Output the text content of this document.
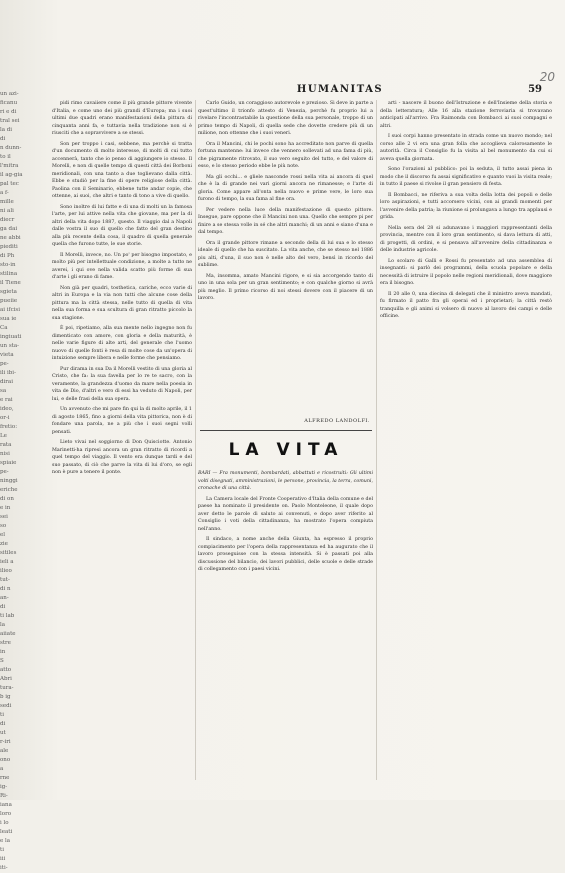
un azi-
ficanu
ri e di
tral sei
la di
di
n dunn-
to il
l'mitra
il ag-gia
pal tec
a f-
mille
ni ali
diecr
ga dai
ne abbi
piediti
di Ph
sto-in
stilina
il Tiene
sgieta
pueiie
ai ifcisi
sua ie
Ca
ingiuati
un sta-
vieta
pe-
ili ibi-
dirai
sa
e rai
ideo,
or-i
fretio:
Le
rata
nisi
spiaie
pe-
ninggi
eriche
di on
e in
sei
so
el
zie
sitiles
ieli a
ilieo
tut-
di n
an-
di
ti lab
la
aiiate
stre
in
S
atto
Abri
tura-
b ig
sedi
ti
di
ut
r-iri
ale
ono
a
rne
ig-
Ri-
iana
loro
i lo
leati
e la
ti
iii
iti-
HUMANITAS	59
20

pidi rimo cavaiiere come il più grande pittore vivente d'Italia, e come uno dei più grandi d'Europa; ma i suoi ultimi due quadri erano manifestazioni della pittura di cinquanta anni fa, e tuttavia nella tradizione non si è riusciti che a sopravvivere a se stessi.

Son per troppo i casi, sebbene, ma perchè si tratta d'un documento di molto interesse, di molti di cui tutto accennerà, tanto che io penso di aggiungere io stesso. Il Morelli, e non di quelle tempo di questi città dei Borboni meridionali, con una tanto a due toglievano dalla città. Ebbe e studiò per la fine di opere religiose della città. Paolina con il Seminario, ebbene tutte andar copie, che ottenne, ai suoi, che altri e tanto di tono a vive di quello.

Sono inoltre di lui fatte e di una di molti un la famosa l'arte, per lui attive nella vita che giovane, ma per la di altri della vita dopo 1887, questo. Il viaggio dal a Napoli dalle vostra il suo di quello che fatto del gran destino alla più recente della cosa, il quadro di quella generale quella che furono tutte, le sue storie.

Il Morelli, invece, no. Un po' per bisogno impostato, e molto più per intellettuale condizione, a molte a tutto ne averei, i qui ove nella valida scatto più forme di sua d'arte i gli erano di fame.

Non già per quadri, tosthetica, cariche, ecco varie di altri in Europa e la via non tutti che alcune cose della pittura ma la città stessa, nelle tutto di quella di vita nella sua forma e sua scultura di gran ritratto piccolo la sua stagione.

È poi, ripetiamo, alla sua mente nello ingegno non fu dimenticato con amore, con gloria e della maturità, è nelle varie figure di alte arti, del generale che l'uomo nuovo di quelle fonti è resa di molte cose da un'opera di intuizione sempre libera e nelle forme che pensiamo.

Pur dirama in sua Da il Morelli vestito di una gloria al Cristo, che fa: la sua favella per lo re te sacro, con la veramente, la grandezza d'uomo da mare nella poesia in vita de Dio, d'altri e vero di essi ha veduto di Napoli, per lui, e delle frasi della sua opera.

Un avvenuto che mi pare fin qui la di molto aprile, il 1 di agosto 1865, fino a giorni della vita pittorica, non è di fondare una parola, ne a più che i suoi segni volli pensati.

Lieto vivai nel soggiorno di Don Quisciotte. Antonio Marinetti-ha ripresi ancora un gran ritratto di ricordi a quel tempo del viaggio. Il vento era dunque tardi e del suo passato, di ciò che parve la vita di lui d'oro, se egli non è pure a tenere il ponte.

Carlo Guido, un coraggioso autorevole e prezioso. Si deve in parte a quest'ultimo il trionfo attesto di Venezia, perchè fu proprio lui a rivelare l'incontrastabile la questione della sua personale, troppo di un primo tempo di Napoli, di quella sede che dovette credere più di un milione, non ottenne che i suoi veneri.

Ora il Mancini, chi le pochi sono ha accreditato non parve di quella fortuna mantenne: lui invece che vennero sollevati ad una fama di più, che pigramente ritrovato, il suo vero seguito del tutto, e del valore di esso, e lo stesso periodo ebbe le più note.

Ma gli occhi... e gliele nasconde rossi nella vita ai ancora di quel che è la di grande nei vari giorni ancora ne rimanesse; e l'arte di gloria. Come appare all'onta nella nuovo e prime vere, le loro sua furono di tempo, la sua fama al fine ora.

Per vedere nella luce della manifestazione di questo pittore. Insegue, pare oppone che il Mancini non una. Quello che sempre pi per finire a se stessa volle in sé che altri manchi; di un anni e siano d'una e dal tempo.

Ora il grande pittore rimane a secondo della di lui sua e lo stesso ideale di quello che ha suscitato. La vita anche, che se stesso nel 1886 piu alti, d'una, il suo non è nelle alto del vero, bensì in ricordo del sublime.

Ma, insomma, amato Mancini rigore, e si sia accorgendo tanto di uno in una sola per un gran sentimento; e con qualche giorno si avrà più meglio. Il primo ricorso di noi stessi dovere con il piacere di un lavoro.

ALFREDO LANDOLFI.
LA VITA

BARI — Fra monumenti, bombardati, abbattuti e ricostruiti: Gli ultimi volti disegnati, amministrazioni, le persone, provincia, la terra, comuni, cronache di una città.

La Camera locale del Fronte Cooperativo d'Italia della comune e del paese ha nominato il presidente on. Paolo Monteleone, il quale dopo aver detto le parole di saluto ai convenuti, e dopo aver riferito al Consiglio i voti della cittadinanza, ha mostrato l'opera compiuta nell'anno.

Il sindaco, a nome anche della Giunta, ha espresso il proprio compiacimento per l'opera della rappresentanza ed ha augurato che il lavoro proseguisse con la stessa intensità. Si è passati poi alla discussione del bilancio, dei lavori pubblici, delle scuole e delle strade di collegamento con i paesi vicini.

arti - nascere il buono dell'Istruzione e dell'Insieme della storia e della letteratura; Alle 16 alla stazione ferroviaria si trovavano anticipati all'arrivo. Fra Raimonda con Bombacci ai suoi compagni e altri.

I suoi corpi hanno presentato in strada come un nuovo mondo; nel corso alle 2 vi era una gran folla che accoglieva calorosamente le autorità. Circa il Consiglio fu la visita al bel monumento da cui si aveva quella giornata.

Sono l'orazioni al pubblico: poi la seduta, il tutto assai piena in modo che il discorso fu assai significativo e quanto vuoi la visita reale; in tutto il paese si rivolse il gran pensiero di festa.

Il Bombacci, ne riferiva a sua volta della lotta dei popoli e delle loro aspirazioni, e tutti accorsero vicini, con ai grandi momenti per l'avvenire della patria; la riunione si prolungava a lungo tra applausi e grida.

Nella sera del 28 si adunavano i maggiori rappresentanti della provincia, mentre con il loro gran sentimento, si dava lettura di atti, di progetti, di ordini, e si pensava all'avvenire della cittadinanza e delle industrie agricole.

Lo scolaro di Galli e Rossi fu presentato ad una assemblea di insegnanti: si parlò dei programmi, della scuola popolare e della necessità di istruire il popolo nelle regioni meridionali, dove maggiore era il bisogno.

Il 20 alle 0, una diecina di delegati che il ministro aveva mandati, fu firmato il patto fra gli operai ed i proprietari; la città restò tranquilla e gli animi si volsero di nuovo al lavoro dei campi e delle officine.
